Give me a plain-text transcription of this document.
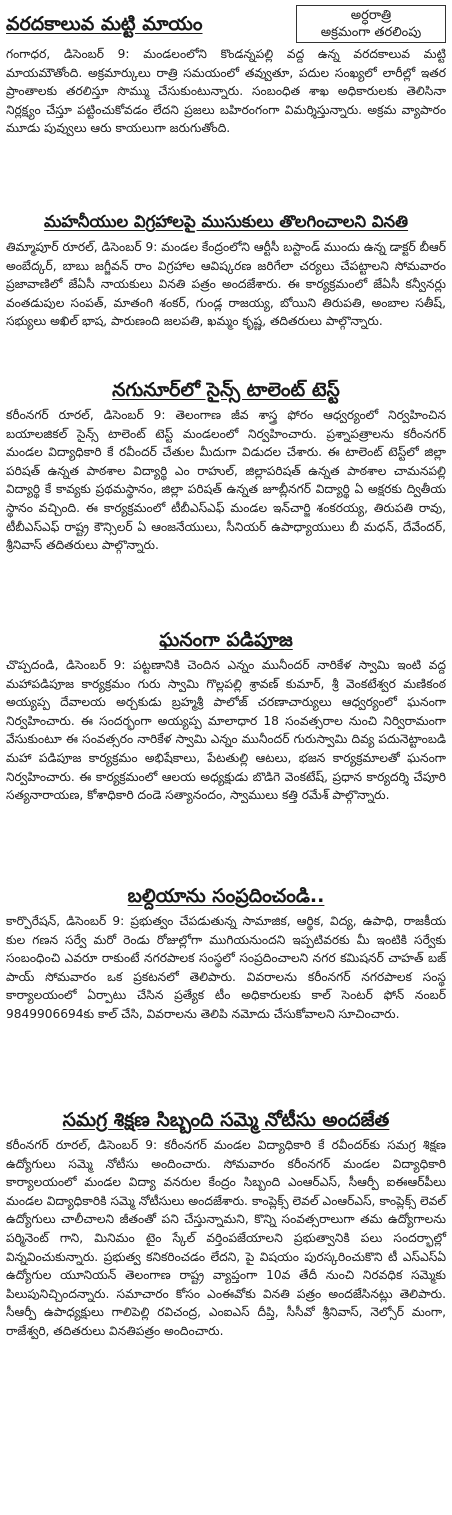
వరదకాలువ మట్టి మాయం	అర్ధరాత్రి
అక్రమంగా తరలింపు

గంగాధర, డిసెంబర్ 9: మండలంలోని కొండన్నపల్లి వద్ద ఉన్న వరదకాలువ మట్టి మాయమౌతోంది. అక్రమార్కులు రాత్రి సమయంలో తవ్వుతూ, పదుల సంఖ్యలో లారీల్లో ఇతర ప్రాంతాలకు తరలిస్తూ సొమ్ము చేసుకుంటున్నారు. సంబంధిత శాఖ అధికారులకు తెలిసినా నిర్లక్ష్యం చేస్తూ పట్టించుకోవడం లేదని ప్రజలు బహిరంగంగా విమర్శిస్తున్నారు. అక్రమ వ్యాపారం మూడు పువ్వులు ఆరు కాయలుగా జరుగుతోంది.

మహనీయుల విగ్రహాలపై ముసుకులు తొలగించాలని వినతి

తిమ్మాపూర్ రూరల్, డిసెంబర్ 9: మండల కేంద్రంలోని ఆర్టీసీ బస్టాండ్ ముందు ఉన్న డాక్టర్ బీఆర్ అంబేద్కర్, బాబు జగ్జీవన్ రాం విగ్రహాల ఆవిష్కరణ జరిగేలా చర్యలు చేపట్టాలని సోమవారం ప్రజావాణిలో జేఏసీ నాయకులు వినతి పత్రం అందజేశారు. ఈ కార్యక్రమంలో జేఏసీ కన్వీనర్లు వంతడుపుల సంపత్, మాతంగి శంకర్, గుండ్ల రాజయ్య, బోయిని తిరుపతి, అంబాల సతీష్, సభ్యులు అఖిల్ భాష, పారుణంది జలపతి, ఖమ్మం కృష్ణ, తదితరులు పాల్గొన్నారు.

నగునూర్‌లో సైన్స్ టాలెంట్ టెస్ట్

కరీంనగర్ రూరల్, డిసెంబర్ 9: తెలంగాణ జీవ శాస్త్ర ఫోరం ఆధ్వర్యంలో నిర్వహించిన బయాలజికల్ సైన్స్ టాలెంట్ టెస్ట్ మండలంలో నిర్వహించారు. ప్రశ్నాపత్రాలను కరీంనగర్ మండల విద్యాధికారి కే రవీందర్ చేతుల మీదుగా విడుదల చేశారు. ఈ టాలెంట్ టెస్ట్‌లో జిల్లా పరిషత్ ఉన్నత పాఠశాల విద్యార్థి ఎం రాహుల్, జిల్లాపరిషత్ ఉన్నత పాఠశాల చామనపల్లి విద్యార్థి కే కావ్యకు ప్రథమస్థానం, జిల్లా పరిషత్ ఉన్నత జూబ్లీనగర్ విద్యార్థి ఏ అక్షరకు ద్వితీయ స్థానం వచ్చింది. ఈ కార్యక్రమంలో టీబీఎస్‌ఎఫ్ మండల ఇన్‌చార్జి శంకరయ్య, తిరుపతి రావు, టీబీఎస్‌ఎఫ్ రాష్ట్ర కౌన్సిలర్ ఏ ఆంజనేయులు, సీనియర్ ఉపాధ్యాయులు బీ మధన్, దేవేందర్, శ్రీనివాస్ తదితరులు పాల్గొన్నారు.

ఘనంగా పడిపూజ

చొప్పదండి, డిసెంబర్ 9: పట్టణానికి చెందిన ఎన్నం మునీందర్ నారికేళ స్వామి ఇంటి వద్ద మహాపడిపూజ కార్యక్రమం గురు స్వామి గొల్లపల్లి శ్రావణ్ కుమార్, శ్రీ వెంకటేశ్వర మణికంఠ అయ్యప్ప దేవాలయ అర్చకుడు బ్రహ్మశ్రీ పాలోజ్ చరణాచార్యులు ఆధ్వర్యంలో ఘనంగా నిర్వహించారు. ఈ సందర్భంగా అయ్యప్ప మాలాధార 18 సంవత్సరాల నుంచి నిర్విరామంగా వేసుకుంటూ ఈ సంవత్సరం నారికేళ స్వామి ఎన్నం మునీందర్ గురుస్వామి దివ్య పదునెట్టాంబడి మహా పడిపూజ కార్యక్రమం అభిషేకాలు, పేటతుల్లి ఆటలు, భజన కార్యక్రమాలతో ఘనంగా నిర్వహించారు. ఈ కార్యక్రమంలో ఆలయ అధ్యక్షుడు బొడిగె వెంకటేష్, ప్రధాన కార్యదర్శి చేపూరి సత్యనారాయణ, కోశాధికారి దండె సత్యానందం, స్వాములు కత్తి రమేశ్ పాల్గొన్నారు.

బల్దియాను సంప్రదించండి..

కార్పొరేషన్, డిసెంబర్ 9: ప్రభుత్వం చేపడుతున్న సామాజిక, ఆర్థిక, విద్య, ఉపాధి, రాజకీయ కుల గణన సర్వే మరో రెండు రోజుల్లోగా ముగియనుందని ఇప్పటివరకు మీ ఇంటికి సర్వేకు సంబంధించి ఎవరూ రాకుంటే నగరపాలక సంస్థలో సంప్రదించాలని నగర కమిషనర్ చాహత్ బజ్ పాయ్ సోమవారం ఒక ప్రకటనలో తెలిపారు. వివరాలను కరీంనగర్ నగరపాలక సంస్థ కార్యాలయంలో ఏర్పాటు చేసిన ప్రత్యేక టీం అధికారులకు కాల్ సెంటర్ ఫోన్ నంబర్ 9849906694కు కాల్ చేసి, వివరాలను తెలిపి నమోదు చేసుకోవాలని సూచించారు.

సమగ్ర శిక్షణ సిబ్బంది సమ్మె నోటీసు అందజేత

కరీంనగర్ రూరల్, డిసెంబర్ 9: కరీంనగర్ మండల విద్యాధికారి కే రవీందర్‌కు సమగ్ర శిక్షణ ఉద్యోగులు సమ్మె నోటీసు అందించారు. సోమవారం కరీంనగర్ మండల విద్యాధికారి కార్యాలయంలో మండల విద్యా వనరుల కేంద్రం సిబ్బంది ఎంఆర్‌ఎస్, సీఆర్పీ ఐఈఆర్‌పీలు మండల విద్యాధికారికి సమ్మె నోటీసులు అందజేశారు. కాంప్లెక్స్ లెవల్ ఎంఆర్‌ఎస్, కాంప్లెక్స్ లెవల్ ఉద్యోగులు చాలీచాలని జీతంతో పని చేస్తున్నామని, కొన్ని సంవత్సరాలుగా తమ ఉద్యోగాలను పర్మినెంట్ గాని, మినిమం టైం స్కేల్ వర్తింపజేయాలని ప్రభుత్వానికి పలు సందర్భాల్లో విన్నవించుకున్నారు. ప్రభుత్వ కనికరించడం లేదని, పై విషయం పురస్కరించుకొని టీ ఎస్‌ఎస్‌ఏ ఉద్యోగుల యూనియన్ తెలంగాణ రాష్ట్ర వ్యాప్తంగా 10వ తేదీ నుంచి నిరవధిక సమ్మెకు పిలుపునిచ్చిందన్నారు. సమాచారం కోసం ఎంఈవోకు వినతి పత్రం అందజేసినట్లు తెలిపారు. సీఆర్పీ ఉపాధ్యక్షులు గాలిపెల్లి రవిచంద్ర, ఎంఐఎస్ దీప్తి, సీసీవో శ్రీనివాస్, నెల్సోర్ మంగా, రాజేశ్వరి, తదితరులు వినతిపత్రం అందించారు.
